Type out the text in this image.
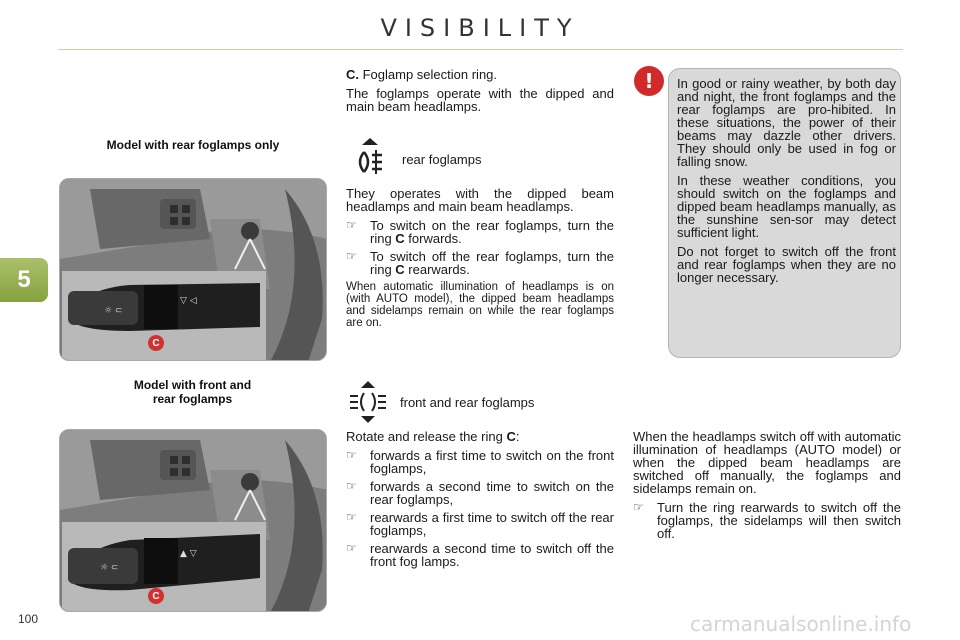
VISIBILITY
5
Model with rear foglamps only
Model with front and
rear foglamps
☼ ⊂
▽ ◁
C
☼ ⊂
▲ ▽
C

C. Foglamp selection ring.

The foglamps operate with the dipped and main beam headlamps.

rear foglamps

They operates with the dipped beam headlamps and main beam headlamps.

☞	To switch on the rear foglamps, turn the ring C forwards.
☞	To switch off the rear foglamps, turn the ring C rearwards.

When automatic illumination of headlamps is on (with AUTO model), the dipped beam headlamps and sidelamps remain on while the rear foglamps are on.

front and rear foglamps

Rotate and release the ring C:

☞	forwards a first time to switch on the front foglamps,
☞	forwards a second time to switch on the rear foglamps,
☞	rearwards a first time to switch off the rear foglamps,
☞	rearwards a second time to switch off the front fog lamps.
!	In good or rainy weather, by both day and night, the front foglamps and the rear foglamps are pro-hibited. In these situations, the power of their beams may dazzle other drivers. They should only be used in fog or falling snow.

In these weather conditions, you should switch on the foglamps and dipped beam headlamps manually, as the sunshine sen-sor may detect sufficient light.

Do not forget to switch off the front and rear foglamps when they are no longer necessary.

When the headlamps switch off with automatic illumination of headlamps (AUTO model) or when the dipped beam headlamps are switched off manually, the foglamps and sidelamps remain on.

☞	Turn the ring rearwards to switch off the foglamps, the sidelamps will then switch off.
100	carmanualsonline.info
